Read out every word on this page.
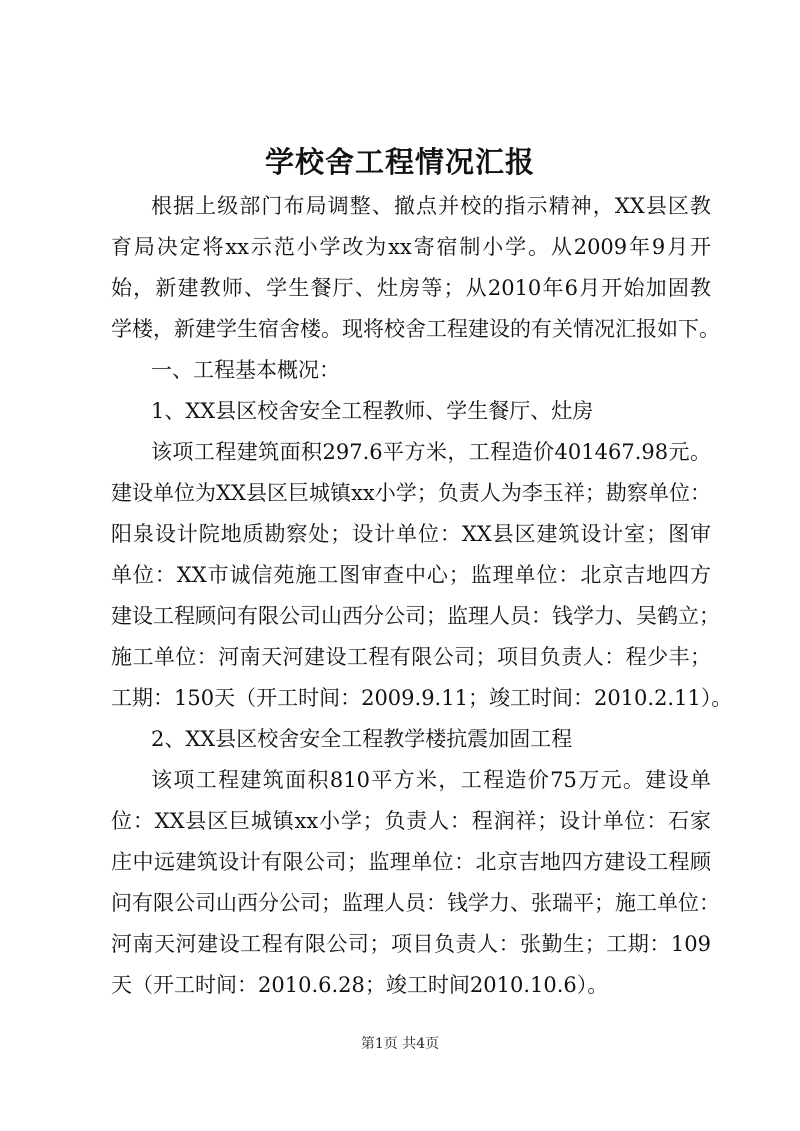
学校舍工程情况汇报
根据上级部门布局调整、撤点并校的指示精神，XX县区教
育局决定将xx示范小学改为xx寄宿制小学。从2009年9月开
始，新建教师、学生餐厅、灶房等；从2010年6月开始加固教
学楼，新建学生宿舍楼。现将校舍工程建设的有关情况汇报如下。
一、工程基本概况：
1、XX县区校舍安全工程教师、学生餐厅、灶房
该项工程建筑面积297.6平方米，工程造价401467.98元。
建设单位为XX县区巨城镇xx小学；负责人为李玉祥；勘察单位：
阳泉设计院地质勘察处；设计单位：XX县区建筑设计室；图审
单位：XX市诚信苑施工图审查中心；监理单位：北京吉地四方
建设工程顾问有限公司山西分公司；监理人员：钱学力、吴鹤立；
施工单位：河南天河建设工程有限公司；项目负责人：程少丰；
工期：150天（开工时间：2009.9.11；竣工时间：2010.2.11）。
2、XX县区校舍安全工程教学楼抗震加固工程
该项工程建筑面积810平方米，工程造价75万元。建设单
位：XX县区巨城镇xx小学；负责人：程润祥；设计单位：石家
庄中远建筑设计有限公司；监理单位：北京吉地四方建设工程顾
问有限公司山西分公司；监理人员：钱学力、张瑞平；施工单位：
河南天河建设工程有限公司；项目负责人：张勤生；工期：109
天（开工时间：2010.6.28；竣工时间2010.10.6）。
第1页 共4页
